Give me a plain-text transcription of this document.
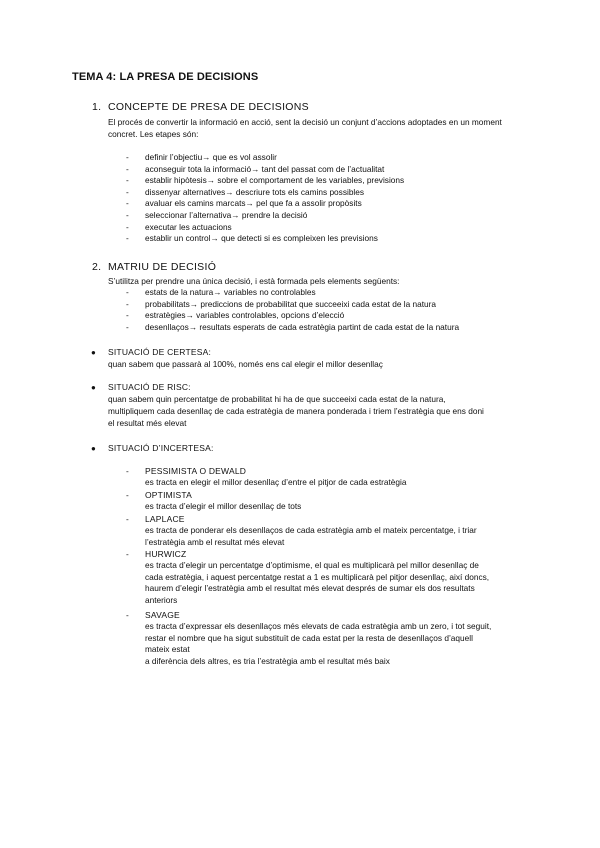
TEMA 4: LA PRESA DE DECISIONS
1. CONCEPTE DE PRESA DE DECISIONS
El procés de convertir la informació en acció, sent la decisió un conjunt d’accions adoptades en un moment concret. Les etapes són:
- definir l’objectiu→ que es vol assolir
- aconseguir tota la informació→ tant del passat com de l’actualitat
- establir hipòtesis→ sobre el comportament de les variables, previsions
- dissenyar alternatives→ descriure tots els camins possibles
- avaluar els camins marcats→ pel que fa a assolir propòsits
- seleccionar l’alternativa→ prendre la decisió
- executar les actuacions
- establir un control→ que detecti si es compleixen les previsions
2. MATRIU DE DECISIÓ
S’utilitza per prendre una única decisió, i està formada pels elements següents:
- estats de la natura→ variables no controlables
- probabilitats→ prediccions de probabilitat que succeeixi cada estat de la natura
- estratègies→ variables controlables, opcions d’elecció
- desenllaços→ resultats esperats de cada estratègia partint de cada estat de la natura
● SITUACIÓ DE CERTESA:
quan sabem que passarà al 100%, només ens cal elegir el millor desenllaç
● SITUACIÓ DE RISC:
quan sabem quin percentatge de probabilitat hi ha de que succeeixi cada estat de la natura,
multipliquem cada desenllaç de cada estratègia de manera ponderada i triem l’estratègia que ens doni
el resultat més elevat
● SITUACIÓ D’INCERTESA:
- PESSIMISTA O DEWALD
es tracta en elegir el millor desenllaç d’entre el pitjor de cada estratègia
- OPTIMISTA
es tracta d’elegir el millor desenllaç de tots
- LAPLACE
es tracta de ponderar els desenllaços de cada estratègia amb el mateix percentatge, i triar
l’estratègia amb el resultat més elevat
- HURWICZ
es tracta d’elegir un percentatge d’optimisme, el qual es multiplicarà pel millor desenllaç de
cada estratègia, i aquest percentatge restat a 1 es multiplicarà pel pitjor desenllaç, així doncs,
haurem d’elegir l’estratègia amb el resultat més elevat després de sumar els dos resultats
anteriors
- SAVAGE
es tracta d’expressar els desenllaços més elevats de cada estratègia amb un zero, i tot seguit,
restar el nombre que ha sigut substituït de cada estat per la resta de desenllaços d’aquell
mateix estat
a diferència dels altres, es tria l’estratègia amb el resultat més baix
